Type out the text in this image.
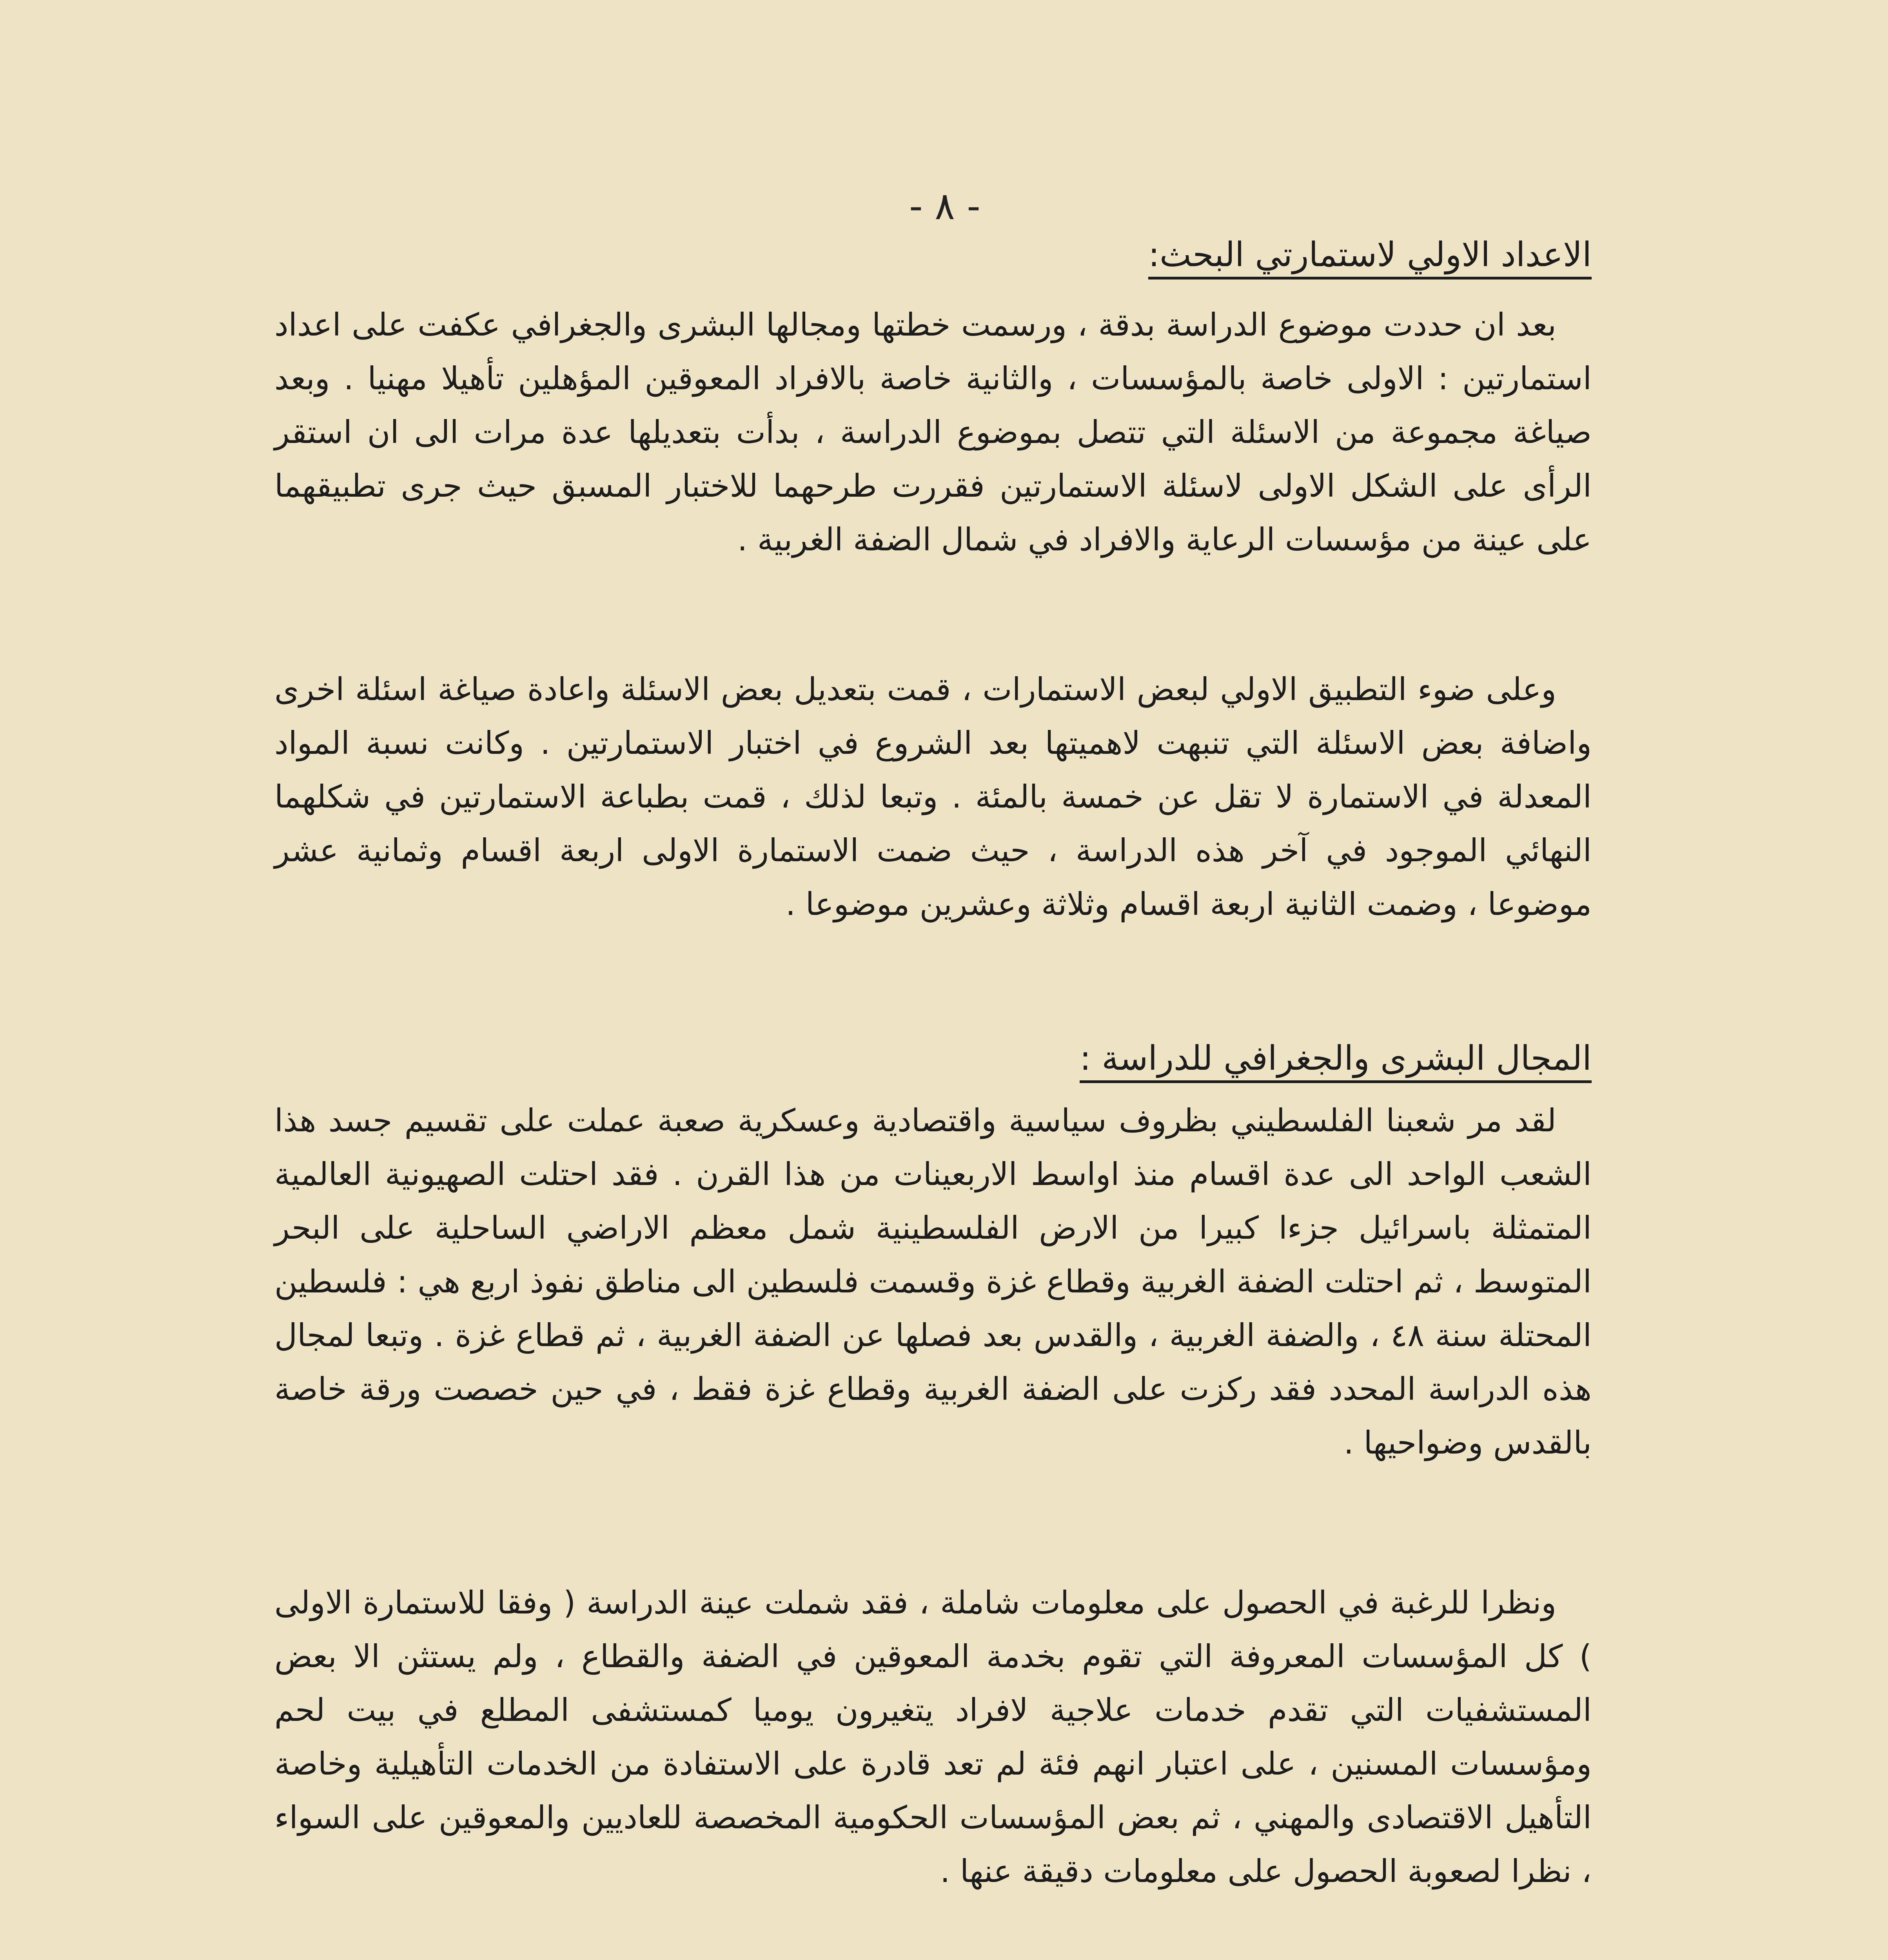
- ٨ -
الاعداد الاولي لاستمارتي البحث:

بعد ان حددت موضوع الدراسة بدقة ، ورسمت خطتها ومجالها البشرى والجغرافي عكفت على اعداد استمارتين : الاولى خاصة بالمؤسسات ، والثانية خاصة بالافراد المعوقين المؤهلين تأهيلا مهنيا . وبعد صياغة مجموعة من الاسئلة التي تتصل بموضوع الدراسة ، بدأت بتعديلها عدة مرات الى ان استقر الرأى على الشكل الاولى لاسئلة الاستمارتين فقررت طرحهما للاختبار المسبق حيث جرى تطبيقهما على عينة من مؤسسات الرعاية والافراد في شمال الضفة الغربية .

وعلى ضوء التطبيق الاولي لبعض الاستمارات ، قمت بتعديل بعض الاسئلة واعادة صياغة اسئلة اخرى واضافة بعض الاسئلة التي تنبهت لاهميتها بعد الشروع في اختبار الاستمارتين . وكانت نسبة المواد المعدلة في الاستمارة لا تقل عن خمسة بالمئة . وتبعا لذلك ، قمت بطباعة الاستمارتين في شكلهما النهائي الموجود في آخر هذه الدراسة ، حيث ضمت الاستمارة الاولى اربعة اقسام وثمانية عشر موضوعا ، وضمت الثانية اربعة اقسام وثلاثة وعشرين موضوعا .

المجال البشرى والجغرافي للدراسة :

لقد مر شعبنا الفلسطيني بظروف سياسية واقتصادية وعسكرية صعبة عملت على تقسيم جسد هذا الشعب الواحد الى عدة اقسام منذ اواسط الاربعينات من هذا القرن . فقد احتلت الصهيونية العالمية المتمثلة باسرائيل جزءا كبيرا من الارض الفلسطينية شمل معظم الاراضي الساحلية على البحر المتوسط ، ثم احتلت الضفة الغربية وقطاع غزة وقسمت فلسطين الى مناطق نفوذ اربع هي : فلسطين المحتلة سنة ٤٨ ، والضفة الغربية ، والقدس بعد فصلها عن الضفة الغربية ، ثم قطاع غزة . وتبعا لمجال هذه الدراسة المحدد فقد ركزت على الضفة الغربية وقطاع غزة فقط ، في حين خصصت ورقة خاصة بالقدس وضواحيها .

ونظرا للرغبة في الحصول على معلومات شاملة ، فقد شملت عينة الدراسة ( وفقا للاستمارة الاولى ) كل المؤسسات المعروفة التي تقوم بخدمة المعوقين في الضفة والقطاع ، ولم يستثن الا بعض المستشفيات التي تقدم خدمات علاجية لافراد يتغيرون يوميا كمستشفى المطلع في بيت لحم ومؤسسات المسنين ، على اعتبار انهم فئة لم تعد قادرة على الاستفادة من الخدمات التأهيلية وخاصة التأهيل الاقتصادى والمهني ، ثم بعض المؤسسات الحكومية المخصصة للعاديين والمعوقين على السواء ، نظرا لصعوبة الحصول على معلومات دقيقة عنها .
